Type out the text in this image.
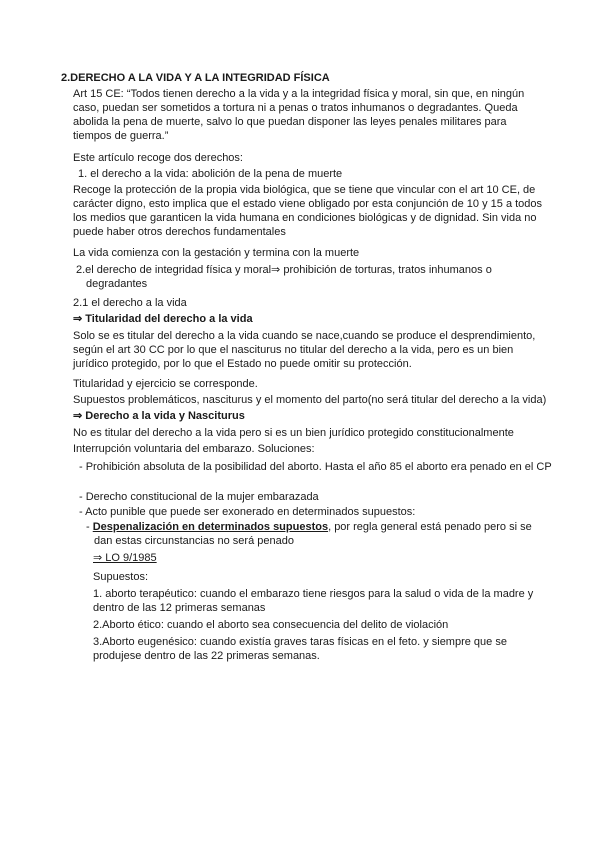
2.DERECHO A LA VIDA Y A LA INTEGRIDAD FÍSICA
Art 15 CE: “Todos tienen derecho a la vida y a la integridad física y moral, sin que, en ningún caso, puedan ser sometidos a tortura ni a penas o tratos inhumanos o degradantes. Queda abolida la pena de muerte, salvo lo que puedan disponer las leyes penales militares para tiempos de guerra.”
Este artículo recoge dos derechos:
1. el derecho a la vida: abolición de la pena de muerte
Recoge la protección de la propia vida biológica, que se tiene que vincular con el art 10 CE, de carácter digno, esto implica que el estado viene obligado por esta conjunción de 10 y 15 a todos los medios que garanticen la vida humana en condiciones biológicas y de dignidad. Sin vida no puede haber otros derechos fundamentales
La vida comienza con la gestación y termina con la muerte
2.el derecho de integridad física y moral⇒ prohibición de torturas, tratos inhumanos o degradantes
2.1 el derecho a la vida
⇒ Titularidad del derecho a la vida
Solo se es titular del derecho a la vida cuando se nace,cuando se produce el desprendimiento, según el art 30 CC por lo que el nasciturus no titular del derecho a la vida, pero es un bien jurídico protegido, por lo que el Estado no puede omitir su protección.
Titularidad y ejercicio se corresponde.
Supuestos problemáticos, nasciturus y el momento del parto(no será titular del derecho a la vida)
⇒ Derecho a la vida y Nasciturus
No es titular del derecho a la vida pero si es un bien jurídico protegido constitucionalmente
Interrupción voluntaria del embarazo. Soluciones:
- Prohibición absoluta de la posibilidad del aborto. Hasta el año 85 el aborto era penado en el CP
- Derecho constitucional de la mujer embarazada
- Acto punible que puede ser exonerado en determinados supuestos:
- Despenalización en determinados supuestos, por regla general está penado pero si se dan estas circunstancias no será penado
⇒ LO 9/1985
Supuestos:
1. aborto terapéutico: cuando el embarazo tiene riesgos para la salud o vida de la madre y dentro de las 12 primeras semanas
2.Aborto ético: cuando el aborto sea consecuencia del delito de violación
3.Aborto eugenésico: cuando existía graves taras físicas en el feto. y siempre que se produjese dentro de las 22 primeras semanas.
